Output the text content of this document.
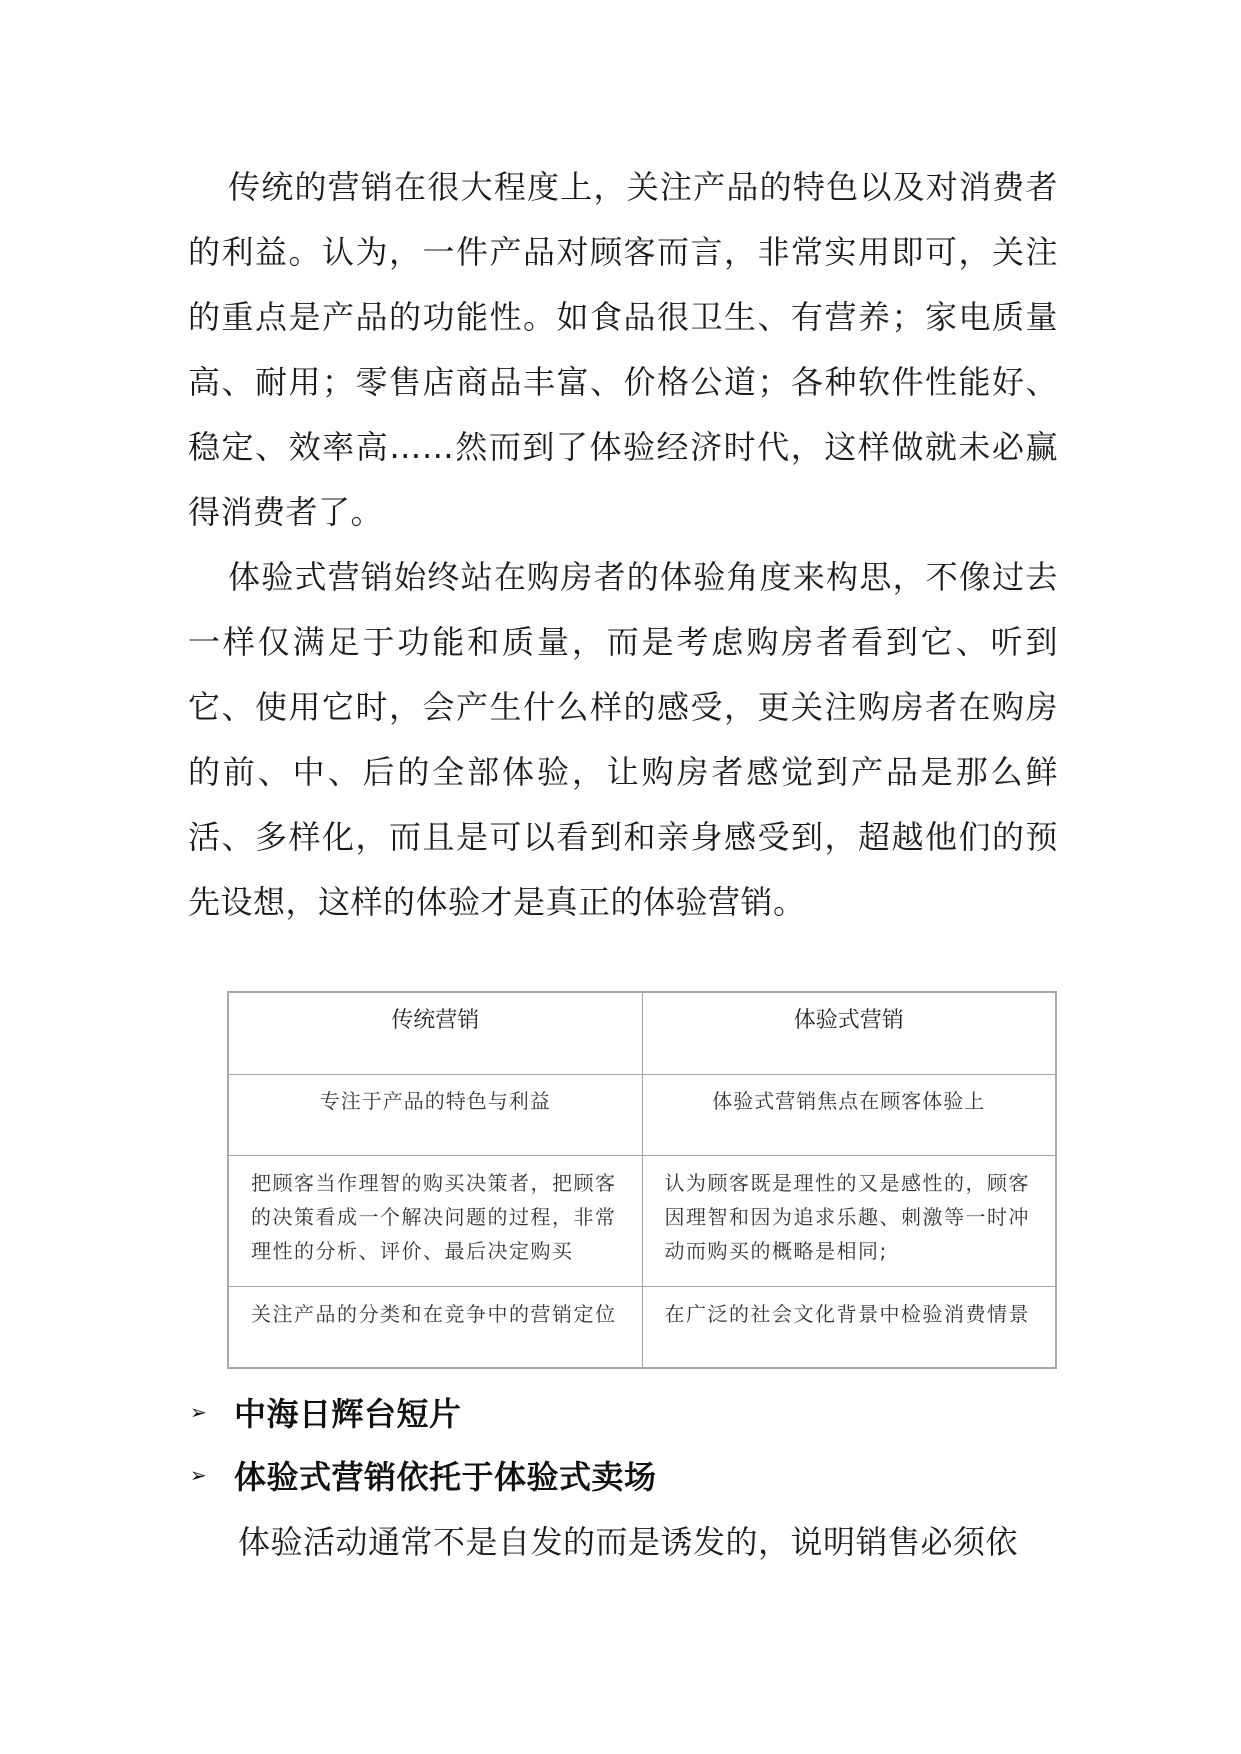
传统的营销在很大程度上，关注产品的特色以及对消费者的利益。认为，一件产品对顾客而言，非常实用即可，关注的重点是产品的功能性。如食品很卫生、有营养；家电质量高、耐用；零售店商品丰富、价格公道；各种软件性能好、稳定、效率高……然而到了体验经济时代，这样做就未必赢得消费者了。

体验式营销始终站在购房者的体验角度来构思，不像过去一样仅满足于功能和质量，而是考虑购房者看到它、听到它、使用它时，会产生什么样的感受，更关注购房者在购房的前、中、后的全部体验，让购房者感觉到产品是那么鲜活、多样化，而且是可以看到和亲身感受到，超越他们的预先设想，这样的体验才是真正的体验营销。

传统营销	体验式营销
专注于产品的特色与利益	体验式营销焦点在顾客体验上
把顾客当作理智的购买决策者，把顾客的决策看成一个解决问题的过程，非常理性的分析、评价、最后决定购买	认为顾客既是理性的又是感性的，顾客因理智和因为追求乐趣、刺激等一时冲动而购买的概略是相同;
关注产品的分类和在竞争中的营销定位	在广泛的社会文化背景中检验消费情景
➢ 中海日辉台短片
➢ 体验式营销依托于体验式卖场

体验活动通常不是自发的而是诱发的，说明销售必须依
